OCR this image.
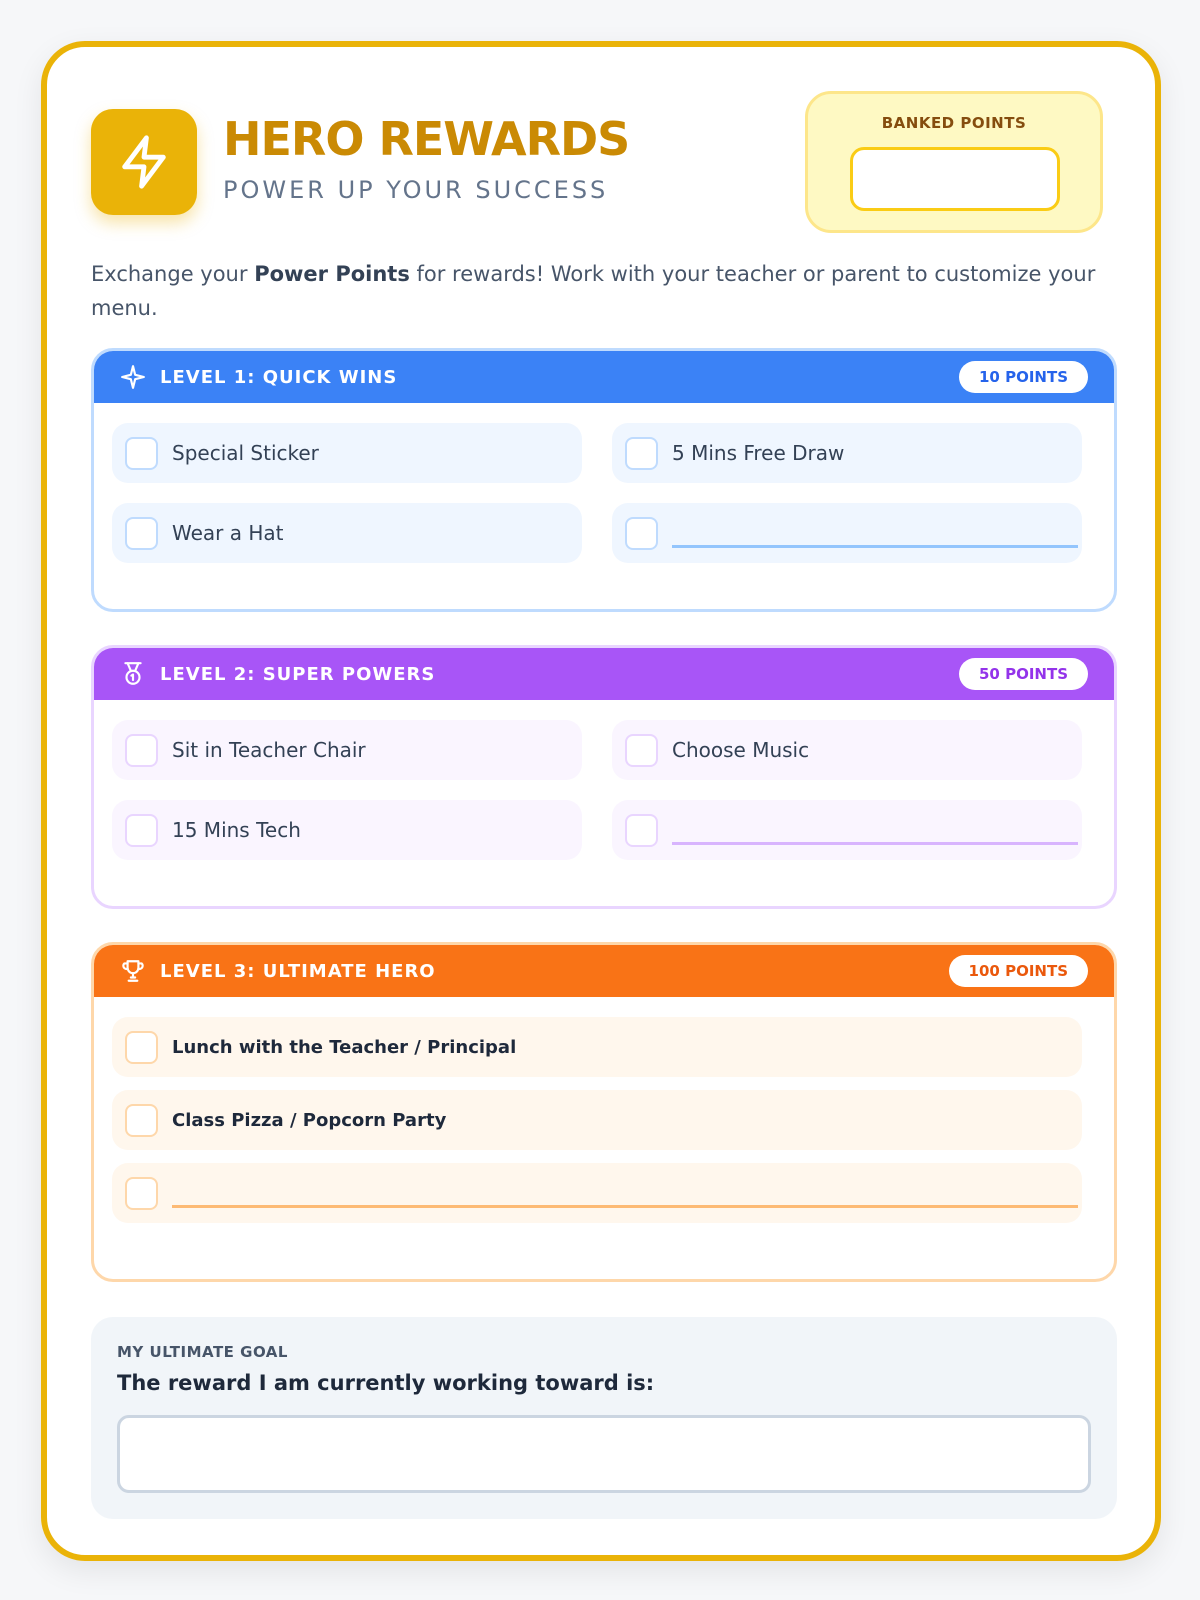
HERO REWARDS
POWER UP YOUR SUCCESS
BANKED POINTS

Exchange your Power Points for rewards! Work with your teacher or parent to customize your menu.

LEVEL 1: QUICK WINS	10 POINTS
Special Sticker	5 Mins Free Draw
Wear a Hat
LEVEL 2: SUPER POWERS	50 POINTS
Sit in Teacher Chair	Choose Music
15 Mins Tech
LEVEL 3: ULTIMATE HERO	100 POINTS
Lunch with the Teacher / Principal
Class Pizza / Popcorn Party
MY ULTIMATE GOAL
The reward I am currently working toward is:
